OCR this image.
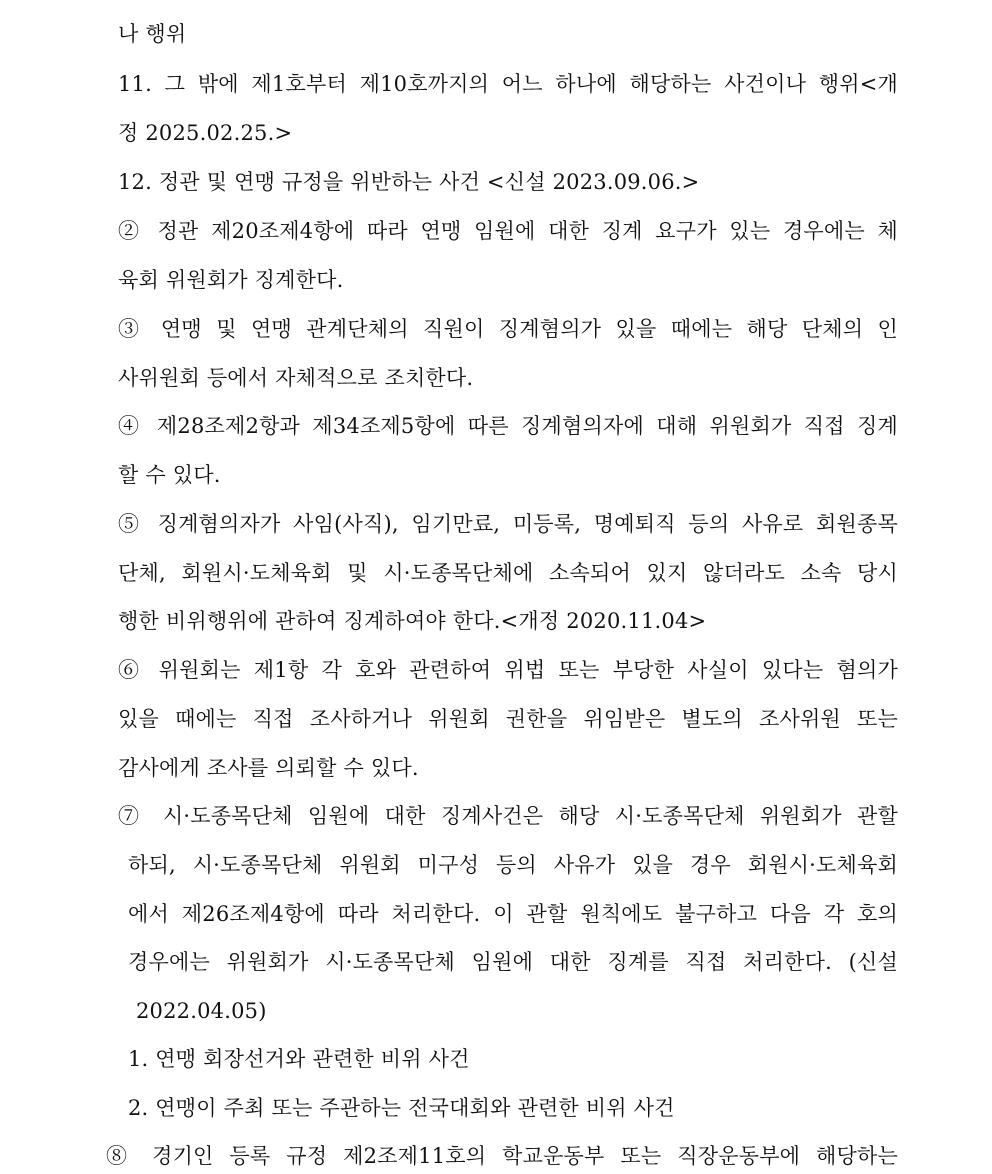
나 행위
11. 그 밖에 제1호부터 제10호까지의 어느 하나에 해당하는 사건이나 행위<개
정 2025.02.25.>
12. 정관 및 연맹 규정을 위반하는 사건 <신설 2023.09.06.>
② 정관 제20조제4항에 따라 연맹 임원에 대한 징계 요구가 있는 경우에는 체
육회 위원회가 징계한다.
③ 연맹 및 연맹 관계단체의 직원이 징계혐의가 있을 때에는 해당 단체의 인
사위원회 등에서 자체적으로 조치한다.
④ 제28조제2항과 제34조제5항에 따른 징계혐의자에 대해 위원회가 직접 징계
할 수 있다.
⑤ 징계혐의자가 사임(사직), 임기만료, 미등록, 명예퇴직 등의 사유로 회원종목
단체, 회원시·도체육회 및 시·도종목단체에 소속되어 있지 않더라도 소속 당시
행한 비위행위에 관하여 징계하여야 한다.<개정 2020.11.04>
⑥ 위원회는 제1항 각 호와 관련하여 위법 또는 부당한 사실이 있다는 혐의가
있을 때에는 직접 조사하거나 위원회 권한을 위임받은 별도의 조사위원 또는
감사에게 조사를 의뢰할 수 있다.
⑦ 시·도종목단체 임원에 대한 징계사건은 해당 시·도종목단체 위원회가 관할
하되, 시·도종목단체 위원회 미구성 등의 사유가 있을 경우 회원시·도체육회
에서 제26조제4항에 따라 처리한다. 이 관할 원칙에도 불구하고 다음 각 호의
경우에는 위원회가 시·도종목단체 임원에 대한 징계를 직접 처리한다. (신설
2022.04.05)
1. 연맹 회장선거와 관련한 비위 사건
2. 연맹이 주최 또는 주관하는 전국대회와 관련한 비위 사건
⑧ 경기인 등록 규정 제2조제11호의 학교운동부 또는 직장운동부에 해당하는
